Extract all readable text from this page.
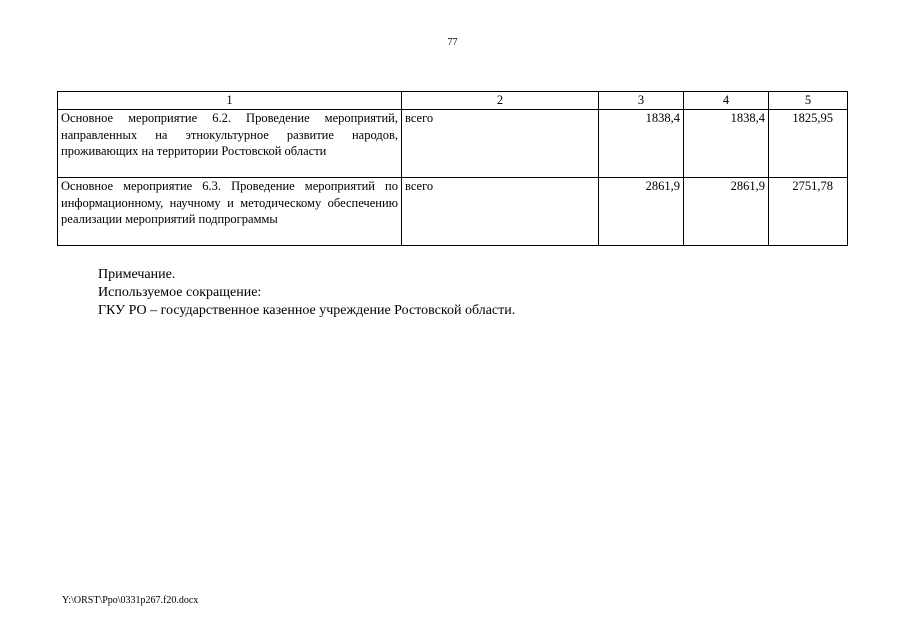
77
1	2	3	4	5
Основное мероприятие 6.2. Проведение мероприятий, направленных на этнокультурное развитие народов, проживающих на территории Ростовской области	всего	1838,4	1838,4	1825,95
Основное мероприятие 6.3. Проведение мероприятий по информационному, научному и методическому обеспечению реализации мероприятий подпрограммы	всего	2861,9	2861,9	2751,78
Примечание.
Используемое сокращение:
ГКУ РО – государственное казенное учреждение Ростовской области.
Y:\ORST\Ppo\0331p267.f20.docx
